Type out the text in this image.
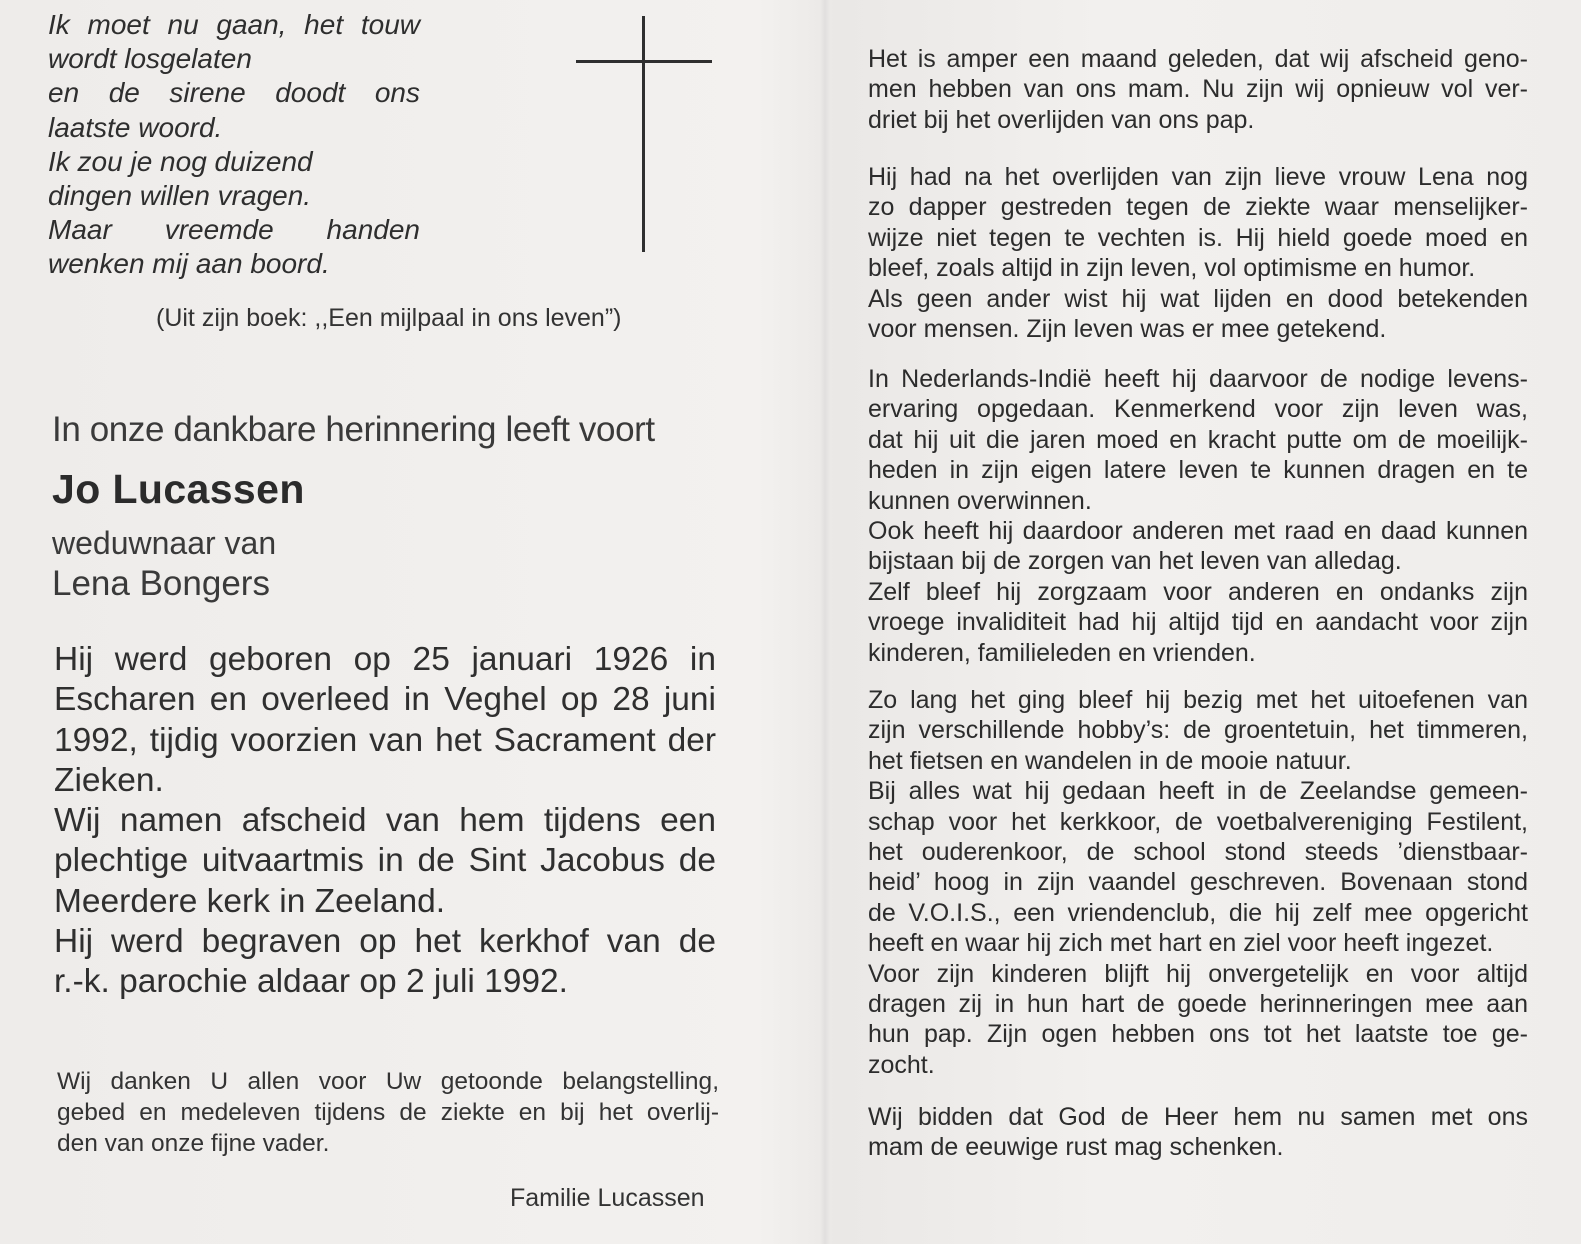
Ik moet nu gaan, het touw
wordt losgelaten
en de sirene doodt ons
laatste woord.
Ik zou je nog duizend
dingen willen vragen.
Maar vreemde handen
wenken mij aan boord.
(Uit zijn boek: ,,Een mijlpaal in ons leven”)
In onze dankbare herinnering leeft voort
Jo Lucassen
weduwnaar van
Lena Bongers
Hij werd geboren op 25 januari 1926 in
Escharen en overleed in Veghel op 28 juni
1992, tijdig voorzien van het Sacrament der
Zieken.
Wij namen afscheid van hem tijdens een
plechtige uitvaartmis in de Sint Jacobus de
Meerdere kerk in Zeeland.
Hij werd begraven op het kerkhof van de
r.-k. parochie aldaar op 2 juli 1992.
Wij danken U allen voor Uw getoonde belangstelling,
gebed en medeleven tijdens de ziekte en bij het overlij-
den van onze fijne vader.
Familie Lucassen
Het is amper een maand geleden, dat wij afscheid geno-
men hebben van ons mam. Nu zijn wij opnieuw vol ver-
driet bij het overlijden van ons pap.
Hij had na het overlijden van zijn lieve vrouw Lena nog
zo dapper gestreden tegen de ziekte waar menselijker-
wijze niet tegen te vechten is. Hij hield goede moed en
bleef, zoals altijd in zijn leven, vol optimisme en humor.
Als geen ander wist hij wat lijden en dood betekenden
voor mensen. Zijn leven was er mee getekend.
In Nederlands-Indië heeft hij daarvoor de nodige levens-
ervaring opgedaan. Kenmerkend voor zijn leven was,
dat hij uit die jaren moed en kracht putte om de moeilijk-
heden in zijn eigen latere leven te kunnen dragen en te
kunnen overwinnen.
Ook heeft hij daardoor anderen met raad en daad kunnen
bijstaan bij de zorgen van het leven van alledag.
Zelf bleef hij zorgzaam voor anderen en ondanks zijn
vroege invaliditeit had hij altijd tijd en aandacht voor zijn
kinderen, familieleden en vrienden.
Zo lang het ging bleef hij bezig met het uitoefenen van
zijn verschillende hobby’s: de groentetuin, het timmeren,
het fietsen en wandelen in de mooie natuur.
Bij alles wat hij gedaan heeft in de Zeelandse gemeen-
schap voor het kerkkoor, de voetbalvereniging Festilent,
het ouderenkoor, de school stond steeds ’dienstbaar-
heid’ hoog in zijn vaandel geschreven. Bovenaan stond
de V.O.I.S., een vriendenclub, die hij zelf mee opgericht
heeft en waar hij zich met hart en ziel voor heeft ingezet.
Voor zijn kinderen blijft hij onvergetelijk en voor altijd
dragen zij in hun hart de goede herinneringen mee aan
hun pap. Zijn ogen hebben ons tot het laatste toe ge-
zocht.
Wij bidden dat God de Heer hem nu samen met ons
mam de eeuwige rust mag schenken.
